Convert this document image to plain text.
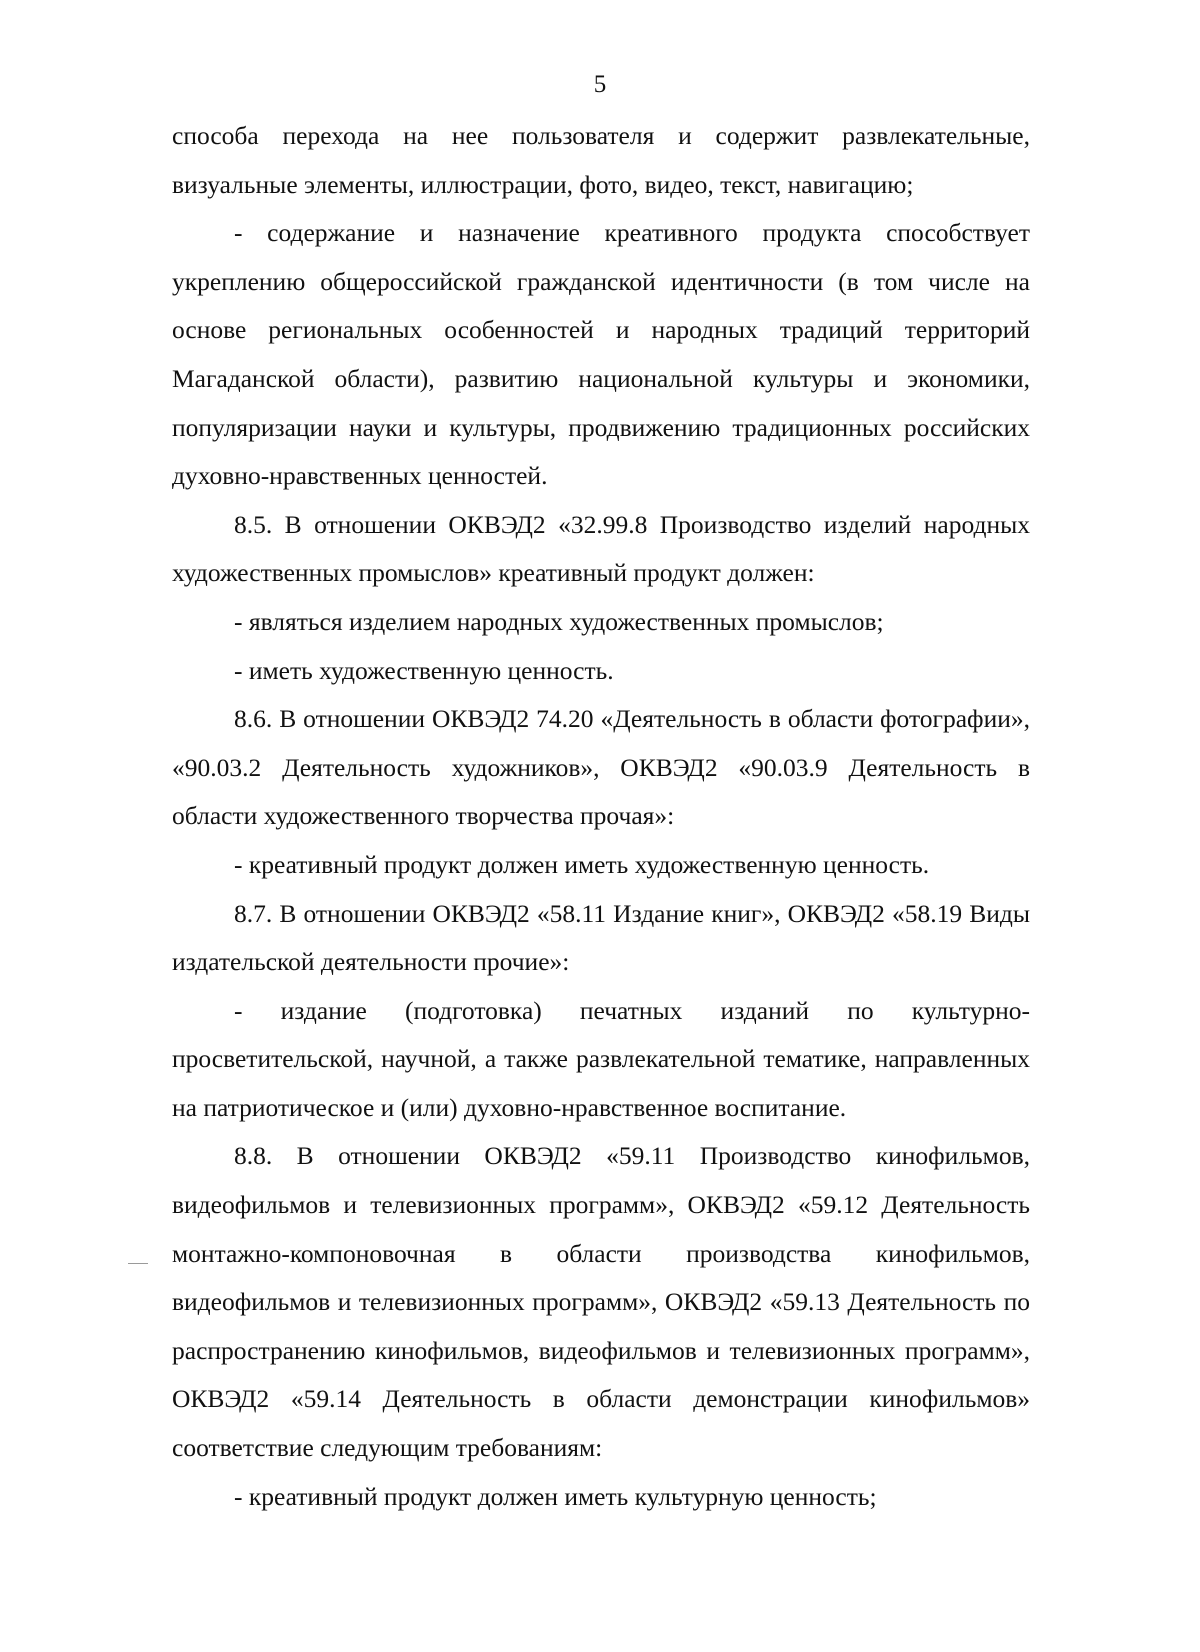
5

способа перехода на нее пользователя и содержит развлекательные, визуальные элементы, иллюстрации, фото, видео, текст, навигацию;

- содержание и назначение креативного продукта способствует укреплению общероссийской гражданской идентичности (в том числе на основе региональных особенностей и народных традиций территорий Магаданской области), развитию национальной культуры и экономики, популяризации науки и культуры, продвижению традиционных российских духовно-нравственных ценностей.

8.5. В отношении ОКВЭД2 «32.99.8 Производство изделий народных художественных промыслов» креативный продукт должен:

- являться изделием народных художественных промыслов;

- иметь художественную ценность.

8.6. В отношении ОКВЭД2 74.20 «Деятельность в области фотографии», «90.03.2 Деятельность художников», ОКВЭД2 «90.03.9 Деятельность в области художественного творчества прочая»:

- креативный продукт должен иметь художественную ценность.

8.7. В отношении ОКВЭД2 «58.11 Издание книг», ОКВЭД2 «58.19 Виды издательской деятельности прочие»:

- издание (подготовка) печатных изданий по культурно-просветительской, научной, а также развлекательной тематике, направленных на патриотическое и (или) духовно-нравственное воспитание.

8.8. В отношении ОКВЭД2 «59.11 Производство кинофильмов, видеофильмов и телевизионных программ», ОКВЭД2 «59.12 Деятельность монтажно-компоновочная в области производства кинофильмов, видеофильмов и телевизионных программ», ОКВЭД2 «59.13 Деятельность по распространению кинофильмов, видеофильмов и телевизионных программ», ОКВЭД2 «59.14 Деятельность в области демонстрации кинофильмов» соответствие следующим требованиям:

- креативный продукт должен иметь культурную ценность;
